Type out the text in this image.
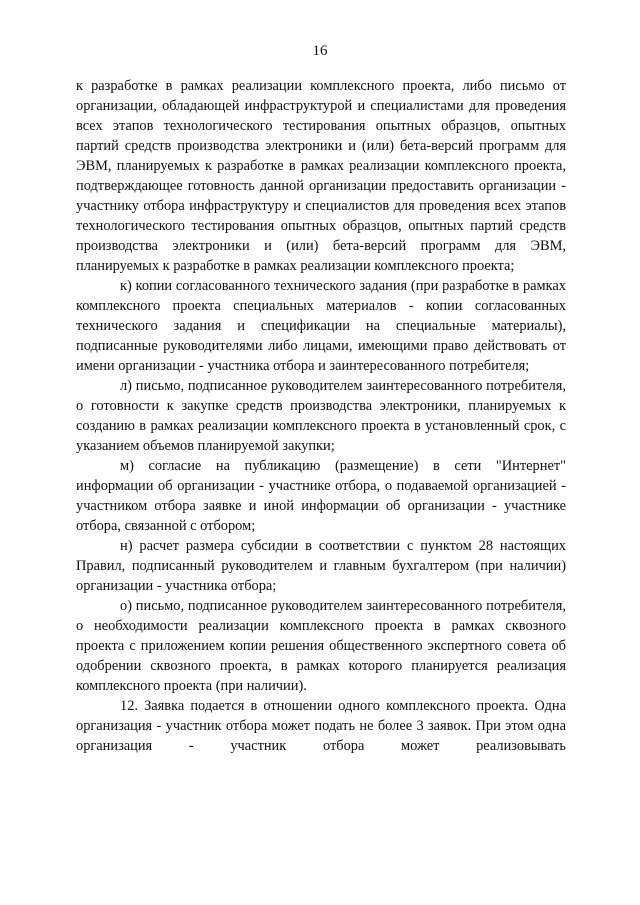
16

к разработке в рамках реализации комплексного проекта, либо письмо от организации, обладающей инфраструктурой и специалистами для проведения всех этапов технологического тестирования опытных образцов, опытных партий средств производства электроники и (или) бета-версий программ для ЭВМ, планируемых к разработке в рамках реализации комплексного проекта, подтверждающее готовность данной организации предоставить организации - участнику отбора инфраструктуру и специалистов для проведения всех этапов технологического тестирования опытных образцов, опытных партий средств производства электроники и (или) бета-версий программ для ЭВМ, планируемых к разработке в рамках реализации комплексного проекта;

к) копии согласованного технического задания (при разработке в рамках комплексного проекта специальных материалов - копии согласованных технического задания и спецификации на специальные материалы), подписанные руководителями либо лицами, имеющими право действовать от имени организации - участника отбора и заинтересованного потребителя;

л) письмо, подписанное руководителем заинтересованного потребителя, о готовности к закупке средств производства электроники, планируемых к созданию в рамках реализации комплексного проекта в установленный срок, с указанием объемов планируемой закупки;

м) согласие на публикацию (размещение) в сети "Интернет" информации об организации - участнике отбора, о подаваемой организацией - участником отбора заявке и иной информации об организации - участнике отбора, связанной с отбором;

н) расчет размера субсидии в соответствии с пунктом 28 настоящих Правил, подписанный руководителем и главным бухгалтером (при наличии) организации - участника отбора;

о) письмо, подписанное руководителем заинтересованного потребителя, о необходимости реализации комплексного проекта в рамках сквозного проекта с приложением копии решения общественного экспертного совета об одобрении сквозного проекта, в рамках которого планируется реализация комплексного проекта (при наличии).

12. Заявка подается в отношении одного комплексного проекта. Одна организация - участник отбора может подать не более 3 заявок. При этом одна организация - участник отбора может реализовывать
